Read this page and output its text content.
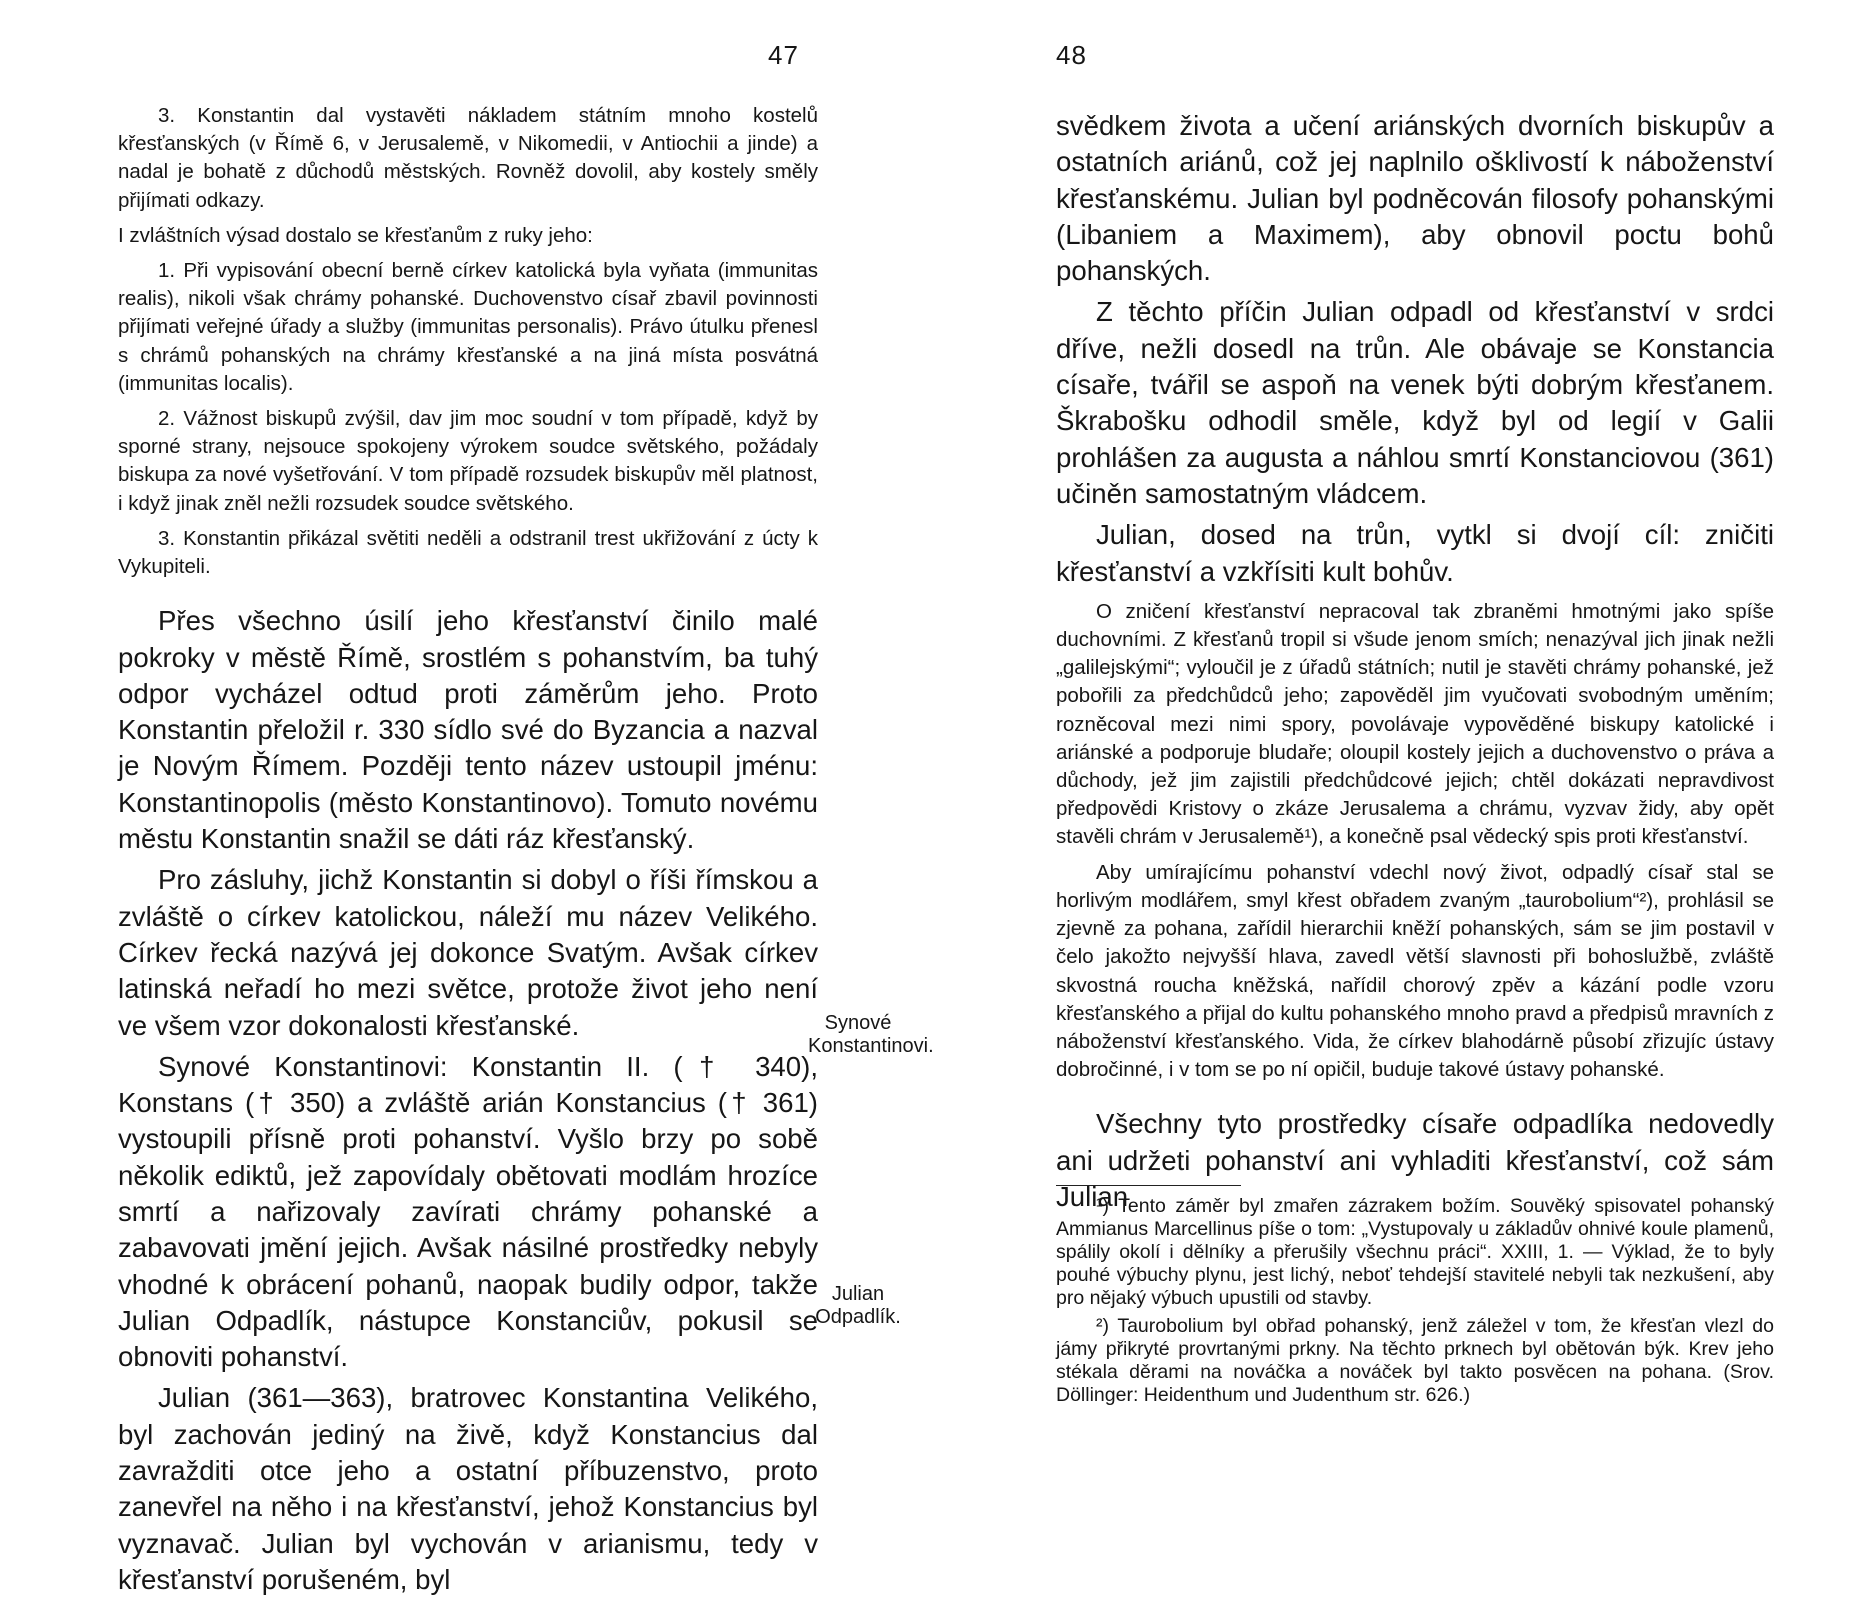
47

3. Konstantin dal vystavěti nákladem státním mnoho kostelů křesťanských (v Římě 6, v Jerusalemě, v Nikomedii, v Antiochii a jinde) a nadal je bohatě z důchodů městských. Rovněž dovolil, aby kostely směly přijímati odkazy.

I zvláštních výsad dostalo se křesťanům z ruky jeho:

1. Při vypisování obecní berně církev katolická byla vyňata (immunitas realis), nikoli však chrámy pohanské. Duchovenstvo císař zbavil povinnosti přijímati veřejné úřady a služby (immunitas personalis). Právo útulku přenesl s chrámů pohanských na chrámy křesťanské a na jiná místa posvátná (immunitas localis).

2. Vážnost biskupů zvýšil, dav jim moc soudní v tom případě, když by sporné strany, nejsouce spokojeny výrokem soudce světského, požádaly biskupa za nové vyšetřování. V tom případě rozsudek biskupův měl platnost, i když jinak zněl nežli rozsudek soudce světského.

3. Konstantin přikázal světiti neděli a odstranil trest ukřižování z úcty k Vykupiteli.

Přes všechno úsilí jeho křesťanství činilo malé pokroky v městě Římě, srostlém s pohanstvím, ba tuhý odpor vycházel odtud proti záměrům jeho. Proto Konstantin přeložil r. 330 sídlo své do Byzancia a nazval je Novým Římem. Později tento název ustoupil jménu: Konstantinopolis (město Konstantinovo). Tomuto novému městu Konstantin snažil se dáti ráz křesťanský.

Pro zásluhy, jichž Konstantin si dobyl o říši římskou a zvláště o církev katolickou, náleží mu název Velikého. Církev řecká nazývá jej dokonce Svatým. Avšak církev latinská neřadí ho mezi světce, protože život jeho není ve všem vzor dokonalosti křesťanské.

Synové Konstantinovi: Konstantin II. († 340), Konstans († 350) a zvláště arián Konstancius († 361) vystoupili přísně proti pohanství. Vyšlo brzy po sobě několik ediktů, jež zapovídaly obětovati modlám hrozíce smrtí a nařizovaly zavírati chrámy pohanské a zabavovati jmění jejich. Avšak násilné prostředky nebyly vhodné k obrácení pohanů, naopak budily odpor, takže Julian Odpadlík, nástupce Konstanciův, pokusil se obnoviti pohanství.

Julian (361—363), bratrovec Konstantina Velikého, byl zachován jediný na živě, když Konstancius dal zavražditi otce jeho a ostatní příbuzenstvo, proto zanevřel na něho i na křesťanství, jehož Konstancius byl vyznavač. Julian byl vychován v arianismu, tedy v křesťanství porušeném, byl

Synové Konstantinovi.
Julian Odpadlík.
48

svědkem života a učení ariánských dvorních biskupův a ostatních ariánů, což jej naplnilo ošklivostí k náboženství křesťanskému. Julian byl podněcován filosofy pohanskými (Libaniem a Maximem), aby obnovil poctu bohů pohanských.

Z těchto příčin Julian odpadl od křesťanství v srdci dříve, nežli dosedl na trůn. Ale obávaje se Konstancia císaře, tvářil se aspoň na venek býti dobrým křesťanem. Škrabošku odhodil směle, když byl od legií v Galii prohlášen za augusta a náhlou smrtí Konstanciovou (361) učiněn samostatným vládcem.

Julian, dosed na trůn, vytkl si dvojí cíl: zničiti křesťanství a vzkřísiti kult bohův.

O zničení křesťanství nepracoval tak zbraněmi hmotnými jako spíše duchovními. Z křesťanů tropil si všude jenom smích; nenazýval jich jinak nežli „galilejskými“; vyloučil je z úřadů státních; nutil je stavěti chrámy pohanské, jež pobořili za předchůdců jeho; zapověděl jim vyučovati svobodným uměním; rozněcoval mezi nimi spory, povolávaje vypověděné biskupy katolické i ariánské a podporuje bludaře; oloupil kostely jejich a duchovenstvo o práva a důchody, jež jim zajistili předchůdcové jejich; chtěl dokázati nepravdivost předpovědi Kristovy o zkáze Jerusalema a chrámu, vyzvav židy, aby opět stavěli chrám v Jerusalemě¹), a konečně psal vědecký spis proti křesťanství.

Aby umírajícímu pohanství vdechl nový život, odpadlý císař stal se horlivým modlářem, smyl křest obřadem zvaným „taurobolium“²), prohlásil se zjevně za pohana, zařídil hierarchii kněží pohanských, sám se jim postavil v čelo jakožto nejvyšší hlava, zavedl větší slavnosti při bohoslužbě, zvláště skvostná roucha kněžská, nařídil chorový zpěv a kázání podle vzoru křesťanského a přijal do kultu pohanského mnoho pravd a předpisů mravních z náboženství křesťanského. Vida, že církev blahodárně působí zřizujíc ústavy dobročinné, i v tom se po ní opičil, buduje takové ústavy pohanské.

Všechny tyto prostředky císaře odpadlíka nedovedly ani udržeti pohanství ani vyhladiti křesťanství, což sám Julian

¹) Tento záměr byl zmařen zázrakem božím. Souvěký spisovatel pohanský Ammianus Marcellinus píše o tom: „Vystupovaly u základův ohnivé koule plamenů, spálily okolí i dělníky a přerušily všechnu práci“. XXIII, 1. — Výklad, že to byly pouhé výbuchy plynu, jest lichý, neboť tehdejší stavitelé nebyli tak nezkušení, aby pro nějaký výbuch upustili od stavby.

²) Taurobolium byl obřad pohanský, jenž záležel v tom, že křesťan vlezl do jámy přikryté provrtanými prkny. Na těchto prknech byl obětován býk. Krev jeho stékala děrami na nováčka a nováček byl takto posvěcen na pohana. (Srov. Döllinger: Heidenthum und Judenthum str. 626.)
